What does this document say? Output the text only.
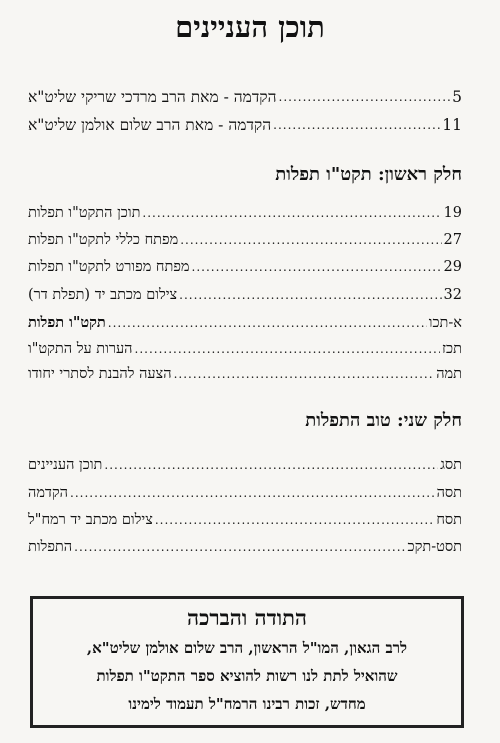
תוכן העניינים
הקדמה - מאת הרב מרדכי שריקי שליט"א .....	5
הקדמה - מאת הרב שלום אולמן שליט"א .....	11
חלק ראשון: תקט"ו תפלות
תוכן התקט"ו תפלות .....	19
מפתח כללי לתקט"ו תפלות .....	27
מפתח מפורט לתקט"ו תפלות .....	29
צילום מכתב יד (תפלת דר) .....	32
תקט"ו תפלות .....	א-תכו
הערות על התקט"ו .....	תכז
הצעה להבנת לסתרי יחודו .....	תמה
חלק שני: טוב התפלות
תוכן העניינים .....	תסג
הקדמה .....	תסה
צילום מכתב יד רמח"ל .....	תסח
התפלות .....	תסט-תקכ
התודה והברכה
לרב הגאון, המו"ל הראשון, הרב שלום אולמן שליט"א,
שהואיל לתת לנו רשות להוציא ספר התקט"ו תפלות
מחדש, זכות רבינו הרמח"ל תעמוד לימינו
